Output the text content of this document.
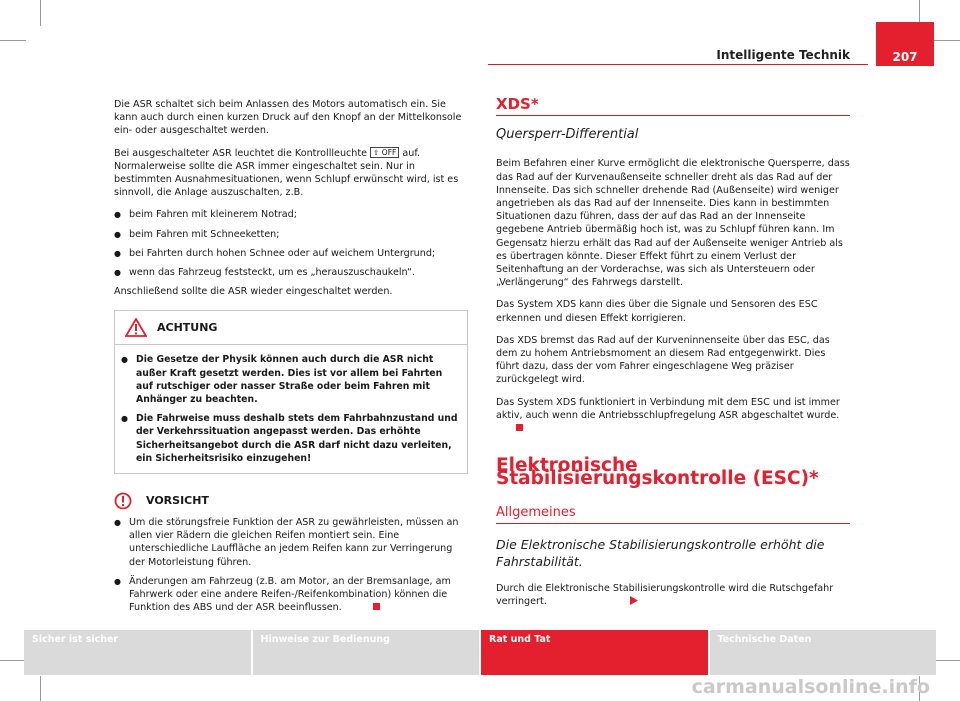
Intelligente Technik	207

Die ASR schaltet sich beim Anlassen des Motors automatisch ein. Sie kann auch durch einen kurzen Druck auf den Knopf an der Mittelkonsole ein- oder ausgeschaltet werden.

Bei ausgeschalteter ASR leuchtet die Kontrollleuchte ⇧ OFF auf. Normalerweise sollte die ASR immer eingeschaltet sein. Nur in bestimmten Ausnahmesituationen, wenn Schlupf erwünscht wird, ist es sinnvoll, die Anlage auszuschalten, z.B.

● beim Fahren mit kleinerem Notrad;
● beim Fahren mit Schneeketten;
● bei Fahrten durch hohen Schnee oder auf weichem Untergrund;
● wenn das Fahrzeug feststeckt, um es „herauszuschaukeln“.

Anschließend sollte die ASR wieder eingeschaltet werden.

ACHTUNG
● Die Gesetze der Physik können auch durch die ASR nicht außer Kraft gesetzt werden. Dies ist vor allem bei Fahrten auf rutschiger oder nasser Straße oder beim Fahren mit Anhänger zu beachten.
● Die Fahrweise muss deshalb stets dem Fahrbahnzustand und der Verkehrssituation angepasst werden. Das erhöhte Sicherheitsangebot durch die ASR darf nicht dazu verleiten, ein Sicherheitsrisiko einzugehen!
VORSICHT
● Um die störungsfreie Funktion der ASR zu gewährleisten, müssen an allen vier Rädern die gleichen Reifen montiert sein. Eine unterschiedliche Lauffläche an jedem Reifen kann zur Verringerung der Motorleistung führen.
● Änderungen am Fahrzeug (z.B. am Motor, an der Bremsanlage, am Fahrwerk oder eine andere Reifen-/Reifenkombination) können die Funktion des ABS und der ASR beeinflussen.
XDS*
Quersperr-Differential

Beim Befahren einer Kurve ermöglicht die elektronische Quersperre, dass das Rad auf der Kurvenaußenseite schneller dreht als das Rad auf der Innenseite. Das sich schneller drehende Rad (Außenseite) wird weniger angetrieben als das Rad auf der Innenseite. Dies kann in bestimmten Situationen dazu führen, dass der auf das Rad an der Innenseite gegebene Antrieb übermäßig hoch ist, was zu Schlupf führen kann. Im Gegensatz hierzu erhält das Rad auf der Außenseite weniger Antrieb als es übertragen könnte. Dieser Effekt führt zu einem Verlust der Seitenhaftung an der Vorderachse, was sich als Untersteuern oder „Verlängerung“ des Fahrwegs darstellt.

Das System XDS kann dies über die Signale und Sensoren des ESC erkennen und diesen Effekt korrigieren.

Das XDS bremst das Rad auf der Kurveninnenseite über das ESC, das dem zu hohem Antriebsmoment an diesem Rad entgegenwirkt. Dies führt dazu, dass der vom Fahrer eingeschlagene Weg präziser zurückgelegt wird.

Das System XDS funktioniert in Verbindung mit dem ESC und ist immer aktiv, auch wenn die Antriebsschlupfregelung ASR abgeschaltet wurde.

Elektronische Stabilisierungskontrolle (ESC)*
Allgemeines
Die Elektronische Stabilisierungskontrolle erhöht die Fahrstabilität.

Durch die Elektronische Stabilisierungskontrolle wird die Rutschgefahr verringert.

Sicher ist sicher	Hinweise zur Bedienung	Rat und Tat	Technische Daten
carmanualsonline.info
